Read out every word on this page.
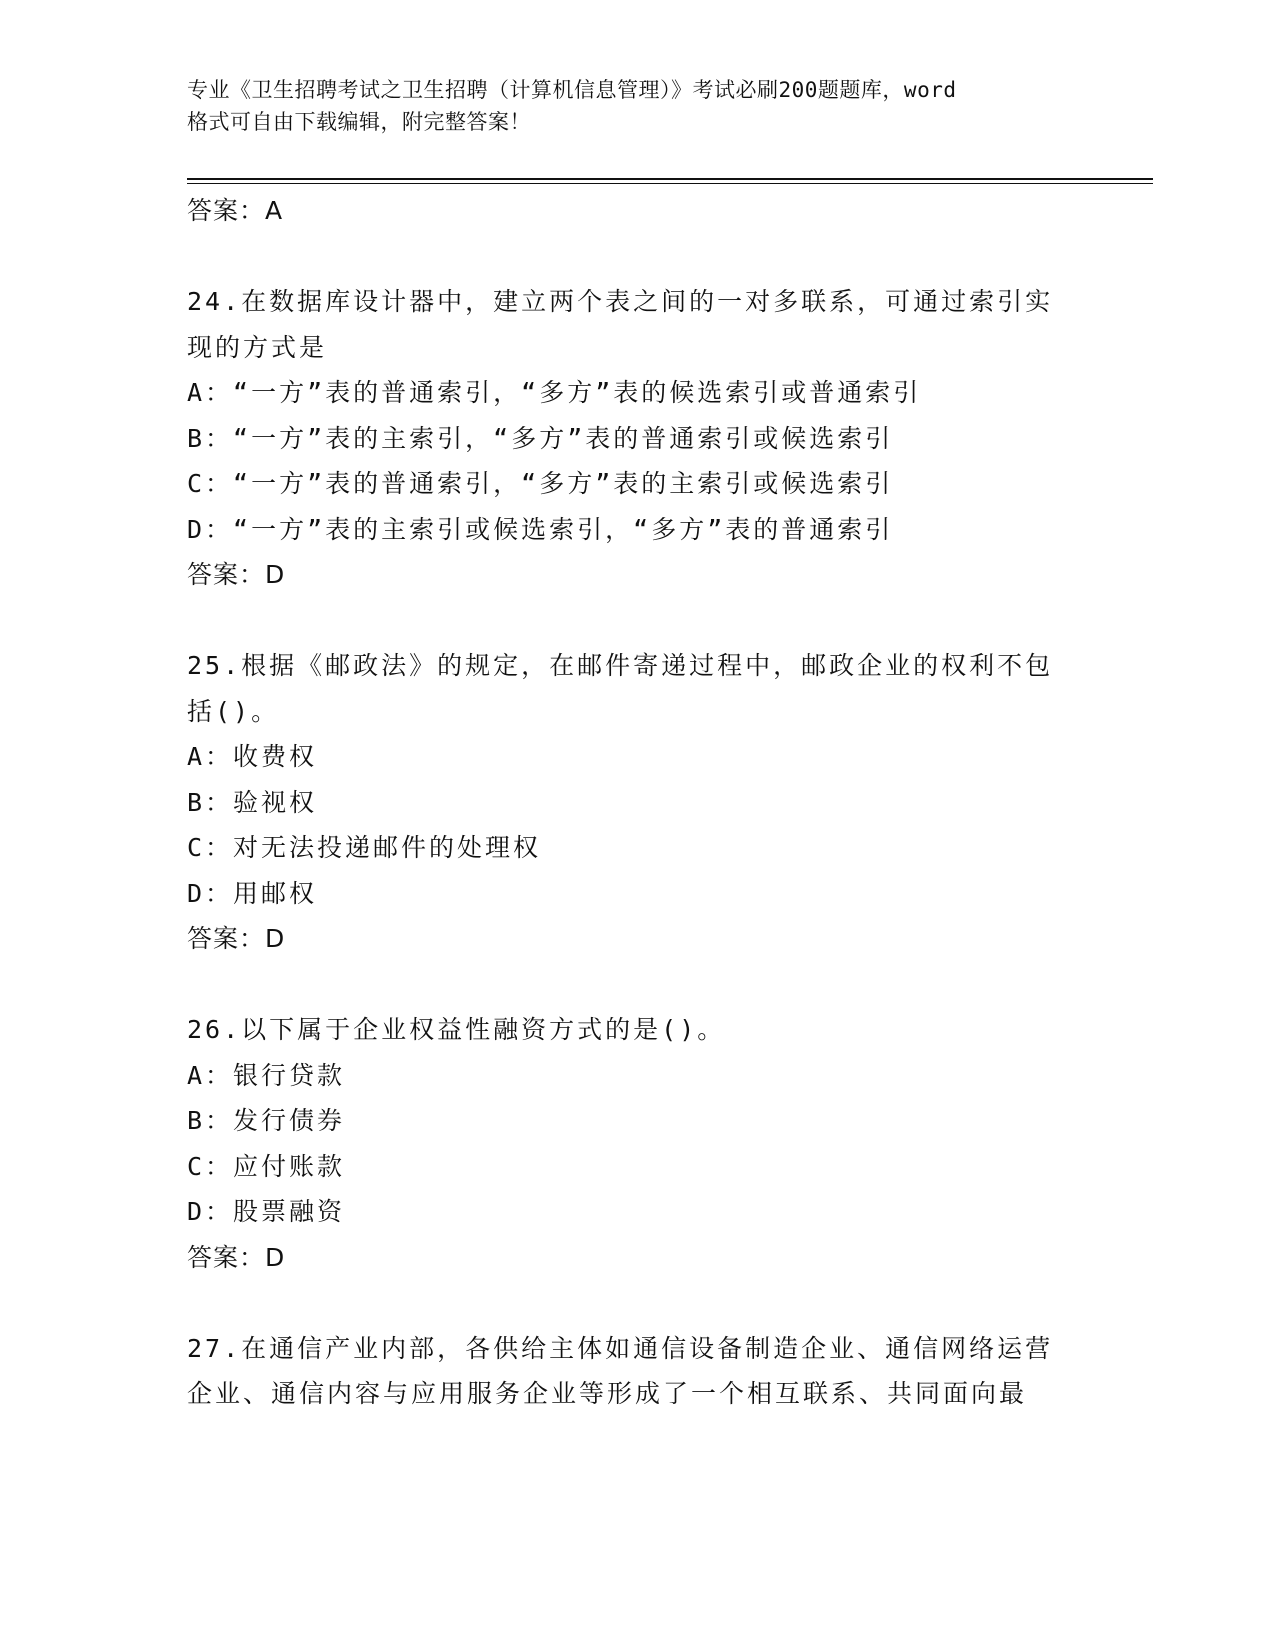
专业《卫生招聘考试之卫生招聘（计算机信息管理）》考试必刷200题题库，word
格式可自由下载编辑，附完整答案！
答案：A
24.在数据库设计器中，建立两个表之间的一对多联系，可通过索引实
现的方式是
A：“一方”表的普通索引，“多方”表的候选索引或普通索引
B：“一方”表的主索引，“多方”表的普通索引或候选索引
C：“一方”表的普通索引，“多方”表的主索引或候选索引
D：“一方”表的主索引或候选索引，“多方”表的普通索引
答案：D
25.根据《邮政法》的规定，在邮件寄递过程中，邮政企业的权利不包
括()。
A：收费权
B：验视权
C：对无法投递邮件的处理权
D：用邮权
答案：D
26.以下属于企业权益性融资方式的是()。
A：银行贷款
B：发行债券
C：应付账款
D：股票融资
答案：D
27.在通信产业内部，各供给主体如通信设备制造企业、通信网络运营
企业、通信内容与应用服务企业等形成了一个相互联系、共同面向最
